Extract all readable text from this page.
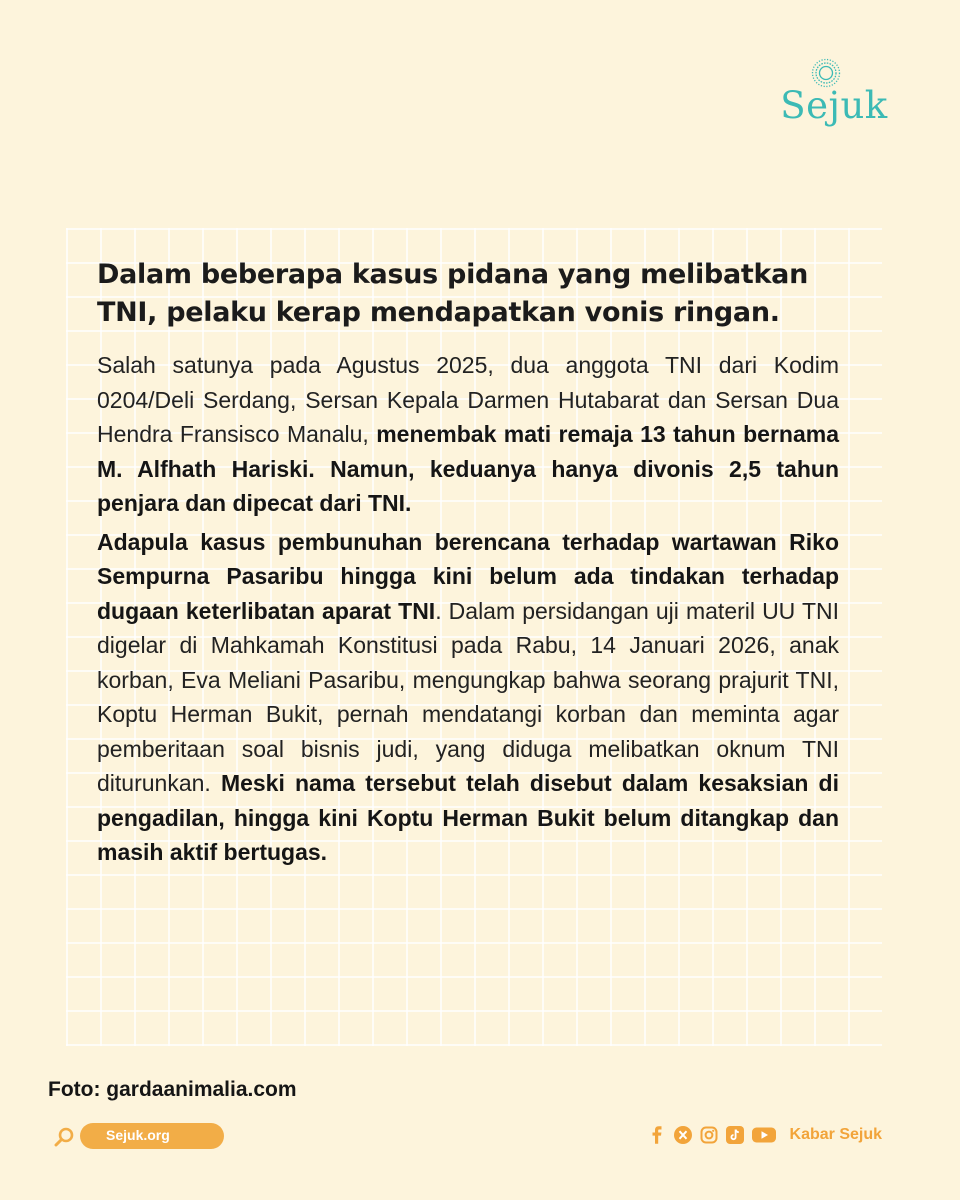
Sejuk
Dalam beberapa kasus pidana yang melibatkan TNI, pelaku kerap mendapatkan vonis ringan.

Salah satunya pada Agustus 2025, dua anggota TNI dari Kodim 0204/Deli Serdang, Sersan Kepala Darmen Hutabarat dan Sersan Dua Hendra Fransisco Manalu, menembak mati remaja 13 tahun bernama M. Alfhath Hariski. Namun, keduanya hanya divonis 2,5 tahun penjara dan dipecat dari TNI.

Adapula kasus pembunuhan berencana terhadap wartawan Riko Sempurna Pasaribu hingga kini belum ada tindakan terhadap dugaan keterlibatan aparat TNI. Dalam persidangan uji materil UU TNI digelar di Mahkamah Konstitusi pada Rabu, 14 Januari 2026, anak korban, Eva Meliani Pasaribu, mengungkap bahwa seorang prajurit TNI, Koptu Herman Bukit, pernah mendatangi korban dan meminta agar pemberitaan soal bisnis judi, yang diduga melibatkan oknum TNI diturunkan. Meski nama tersebut telah disebut dalam kesaksian di pengadilan, hingga kini Koptu Herman Bukit belum ditangkap dan masih aktif bertugas.

Foto: gardaanimalia.com
Sejuk.org	Kabar Sejuk
